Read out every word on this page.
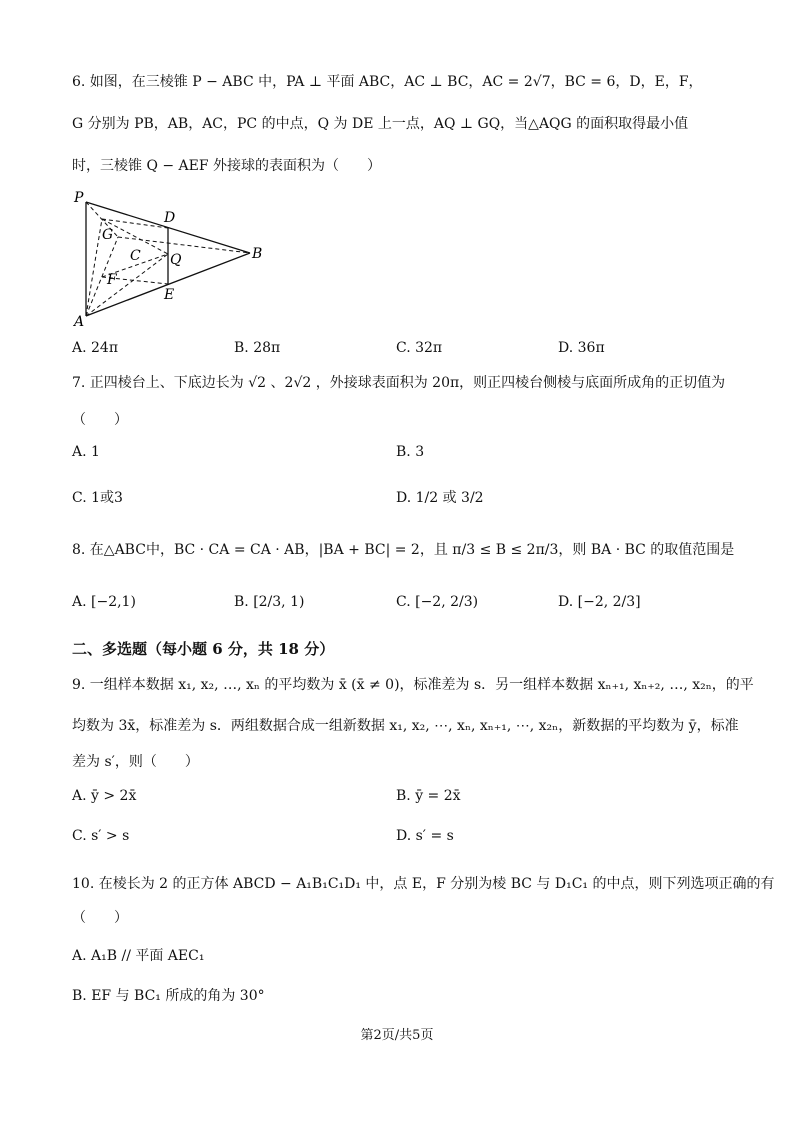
6. 如图，在三棱锥 P − ABC 中，PA ⊥ 平面 ABC，AC ⊥ BC，AC = 2√7，BC = 6，D，E，F，
G 分别为 PB，AB，AC，PC 的中点，Q 为 DE 上一点，AQ ⊥ GQ，当△AQG 的面积取得最小值
时，三棱锥 Q − AEF 外接球的表面积为（　　）
P
D
G
C Q	B
F
E
A
A. 24π	B. 28π	C. 32π	D. 36π
7. 正四棱台上、下底边长为 √2 、2√2 ，外接球表面积为 20π，则正四棱台侧棱与底面所成角的正切值为
（　　）
A. 1	B. 3
C. 1或3	D. 1/2 或 3/2
8. 在△ABC中，BC · CA = CA · AB，|BA + BC| = 2，且 π/3 ≤ B ≤ 2π/3，则 BA · BC 的取值范围是
A. [−2,1)	B. [2/3, 1)	C. [−2, 2/3)	D. [−2, 2/3]
二、多选题（每小题 6 分，共 18 分）
9. 一组样本数据 x₁, x₂, …, xₙ 的平均数为 x̄ (x̄ ≠ 0)，标准差为 s．另一组样本数据 xₙ₊₁, xₙ₊₂, …, x₂ₙ，的平
均数为 3x̄，标准差为 s．两组数据合成一组新数据 x₁, x₂, ⋯, xₙ, xₙ₊₁, ⋯, x₂ₙ，新数据的平均数为 ȳ，标准
差为 s′，则（　　）
A. ȳ > 2x̄	B. ȳ = 2x̄
C. s′ > s	D. s′ = s
10. 在棱长为 2 的正方体 ABCD − A₁B₁C₁D₁ 中，点 E，F 分别为棱 BC 与 D₁C₁ 的中点，则下列选项正确的有
（　　）
A. A₁B // 平面 AEC₁
B. EF 与 BC₁ 所成的角为 30°
第2页/共5页
